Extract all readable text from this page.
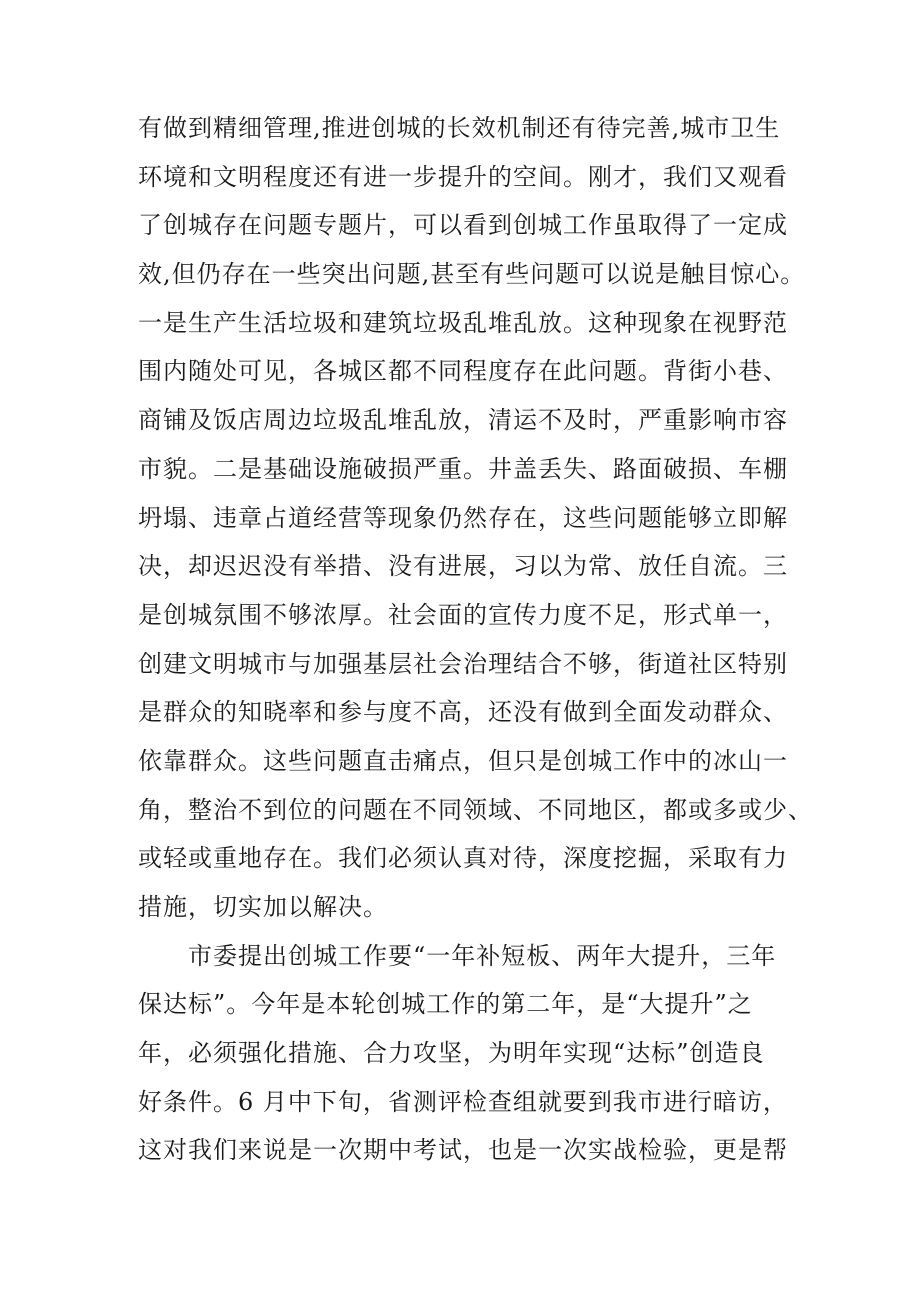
有做到精细管理,推进创城的长效机制还有待完善,城市卫生
环境和文明程度还有进一步提升的空间。刚才，我们又观看
了创城存在问题专题片，可以看到创城工作虽取得了一定成
效,但仍存在一些突出问题,甚至有些问题可以说是触目惊心。
一是生产生活垃圾和建筑垃圾乱堆乱放。这种现象在视野范
围内随处可见，各城区都不同程度存在此问题。背街小巷、
商铺及饭店周边垃圾乱堆乱放，清运不及时，严重影响市容
市貌。二是基础设施破损严重。井盖丢失、路面破损、车棚
坍塌、违章占道经营等现象仍然存在，这些问题能够立即解
决，却迟迟没有举措、没有进展，习以为常、放任自流。三
是创城氛围不够浓厚。社会面的宣传力度不足，形式单一，
创建文明城市与加强基层社会治理结合不够，街道社区特别
是群众的知晓率和参与度不高，还没有做到全面发动群众、
依靠群众。这些问题直击痛点，但只是创城工作中的冰山一
角，整治不到位的问题在不同领域、不同地区，都或多或少、
或轻或重地存在。我们必须认真对待，深度挖掘，采取有力
措施，切实加以解决。
市委提出创城工作要“一年补短板、两年大提升，三年
保达标”。今年是本轮创城工作的第二年，是“大提升”之
年，必须强化措施、合力攻坚，为明年实现“达标”创造良
好条件。6 月中下旬，省测评检查组就要到我市进行暗访，
这对我们来说是一次期中考试，也是一次实战检验，更是帮
